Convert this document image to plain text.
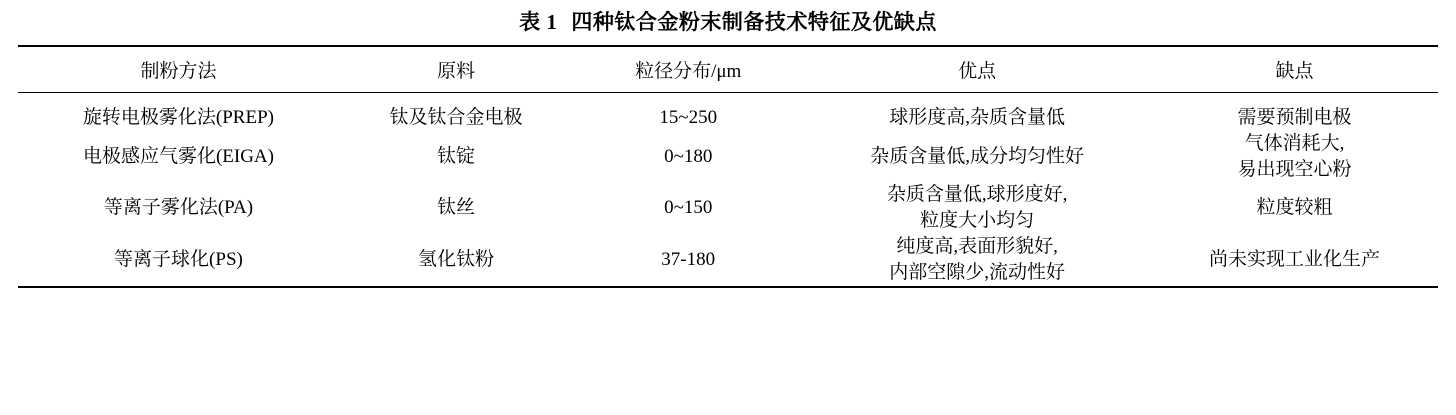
表 1 四种钛合金粉末制备技术特征及优缺点
制粉方法	原料	粒径分布/μm	优点	缺点

旋转电极雾化法(PREP)	钛及钛合金电极	15~250	球形度高,杂质含量低	需要预制电极

电极感应气雾化(EIGA)	钛锭	0~180	杂质含量低,成分均匀性好	气体消耗大,
易出现空心粉

等离子雾化法(PA)	钛丝	0~150	杂质含量低,球形度好,
粒度大小均匀	粒度较粗

等离子球化(PS)	氢化钛粉	37-180	纯度高,表面形貌好,
内部空隙少,流动性好	尚未实现工业化生产
